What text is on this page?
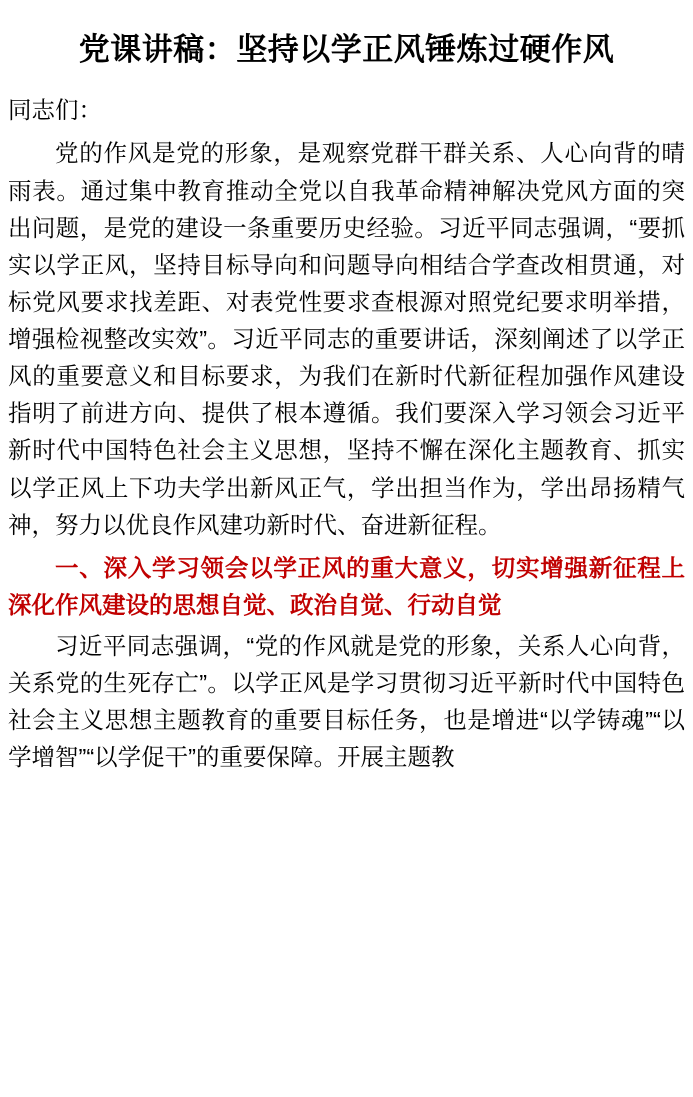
党课讲稿：坚持以学正风锤炼过硬作风

同志们：

党的作风是党的形象，是观察党群干群关系、人心向背的晴雨表。通过集中教育推动全党以自我革命精神解决党风方面的突出问题，是党的建设一条重要历史经验。习近平同志强调，“要抓实以学正风，坚持目标导向和问题导向相结合学查改相贯通，对标党风要求找差距、对表党性要求查根源对照党纪要求明举措，增强检视整改实效”。习近平同志的重要讲话，深刻阐述了以学正风的重要意义和目标要求，为我们在新时代新征程加强作风建设指明了前进方向、提供了根本遵循。我们要深入学习领会习近平新时代中国特色社会主义思想，坚持不懈在深化主题教育、抓实以学正风上下功夫学出新风正气，学出担当作为，学出昂扬精气神，努力以优良作风建功新时代、奋进新征程。

一、深入学习领会以学正风的重大意义，切实增强新征程上深化作风建设的思想自觉、政治自觉、行动自觉

习近平同志强调，“党的作风就是党的形象，关系人心向背，关系党的生死存亡”。以学正风是学习贯彻习近平新时代中国特色社会主义思想主题教育的重要目标任务，也是增进“以学铸魂”“以学增智”“以学促干”的重要保障。开展主题教
